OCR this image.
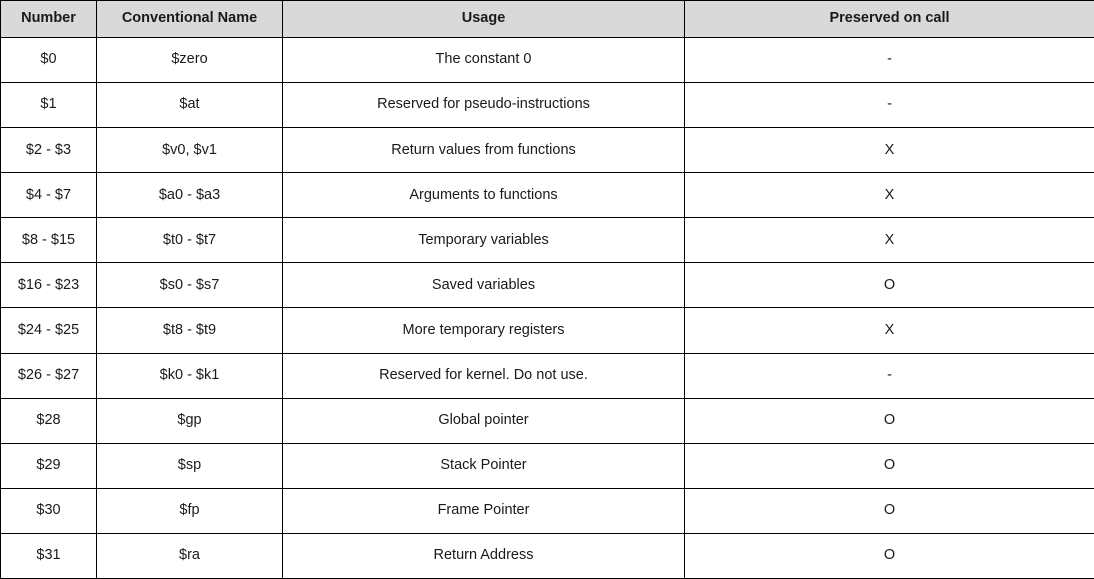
Number	Conventional Name	Usage	Preserved on call
$0	$zero	The constant 0	-
$1	$at	Reserved for pseudo-instructions	-
$2 - $3	$v0, $v1	Return values from functions	X
$4 - $7	$a0 - $a3	Arguments to functions	X
$8 - $15	$t0 - $t7	Temporary variables	X
$16 - $23	$s0 - $s7	Saved variables	O
$24 - $25	$t8 - $t9	More temporary registers	X
$26 - $27	$k0 - $k1	Reserved for kernel. Do not use.	-
$28	$gp	Global pointer	O
$29	$sp	Stack Pointer	O
$30	$fp	Frame Pointer	O
$31	$ra	Return Address	O
